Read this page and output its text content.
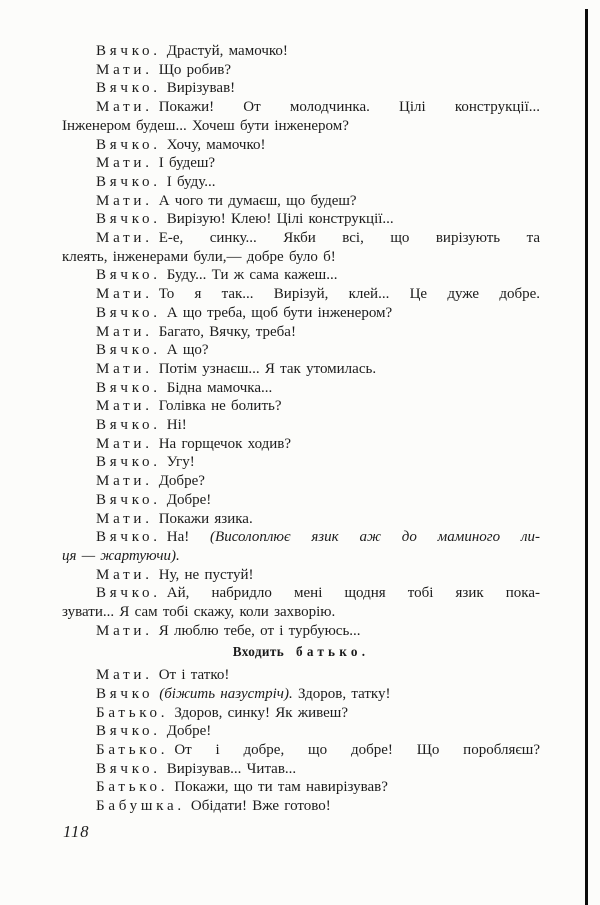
Вячко. Драстуй, мамочко!
Мати. Що робив?
Вячко. Вирізував!
Мати. Покажи! От молодчинка. Цілі конструкції...
Інженером будеш... Хочеш бути інженером?
Вячко. Хочу, мамочко!
Мати. І будеш?
Вячко. І буду...
Мати. А чого ти думаєш, що будеш?
Вячко. Вирізую! Клею! Цілі конструкції...
Мати. Е-е, синку... Якби всі, що вирізують та
клеять, інженерами були,— добре було б!
Вячко. Буду... Ти ж сама кажеш...
Мати. То я так... Вирізуй, клей... Це дуже добре.
Вячко. А що треба, щоб бути інженером?
Мати. Багато, Вячку, треба!
Вячко. А що?
Мати. Потім узнаєш... Я так утомилась.
Вячко. Бідна мамочка...
Мати. Голівка не болить?
Вячко. Ні!
Мати. На горщечок ходив?
Вячко. Угу!
Мати. Добре?
Вячко. Добре!
Мати. Покажи язика.
Вячко. На! (Висолоплює язик аж до маминого ли-
ця — жартуючи).
Мати. Ну, не пустуй!
Вячко. Ай, набридло мені щодня тобі язик пока-
зувати... Я сам тобі скажу, коли захворію.
Мати. Я люблю тебе, от і турбуюсь...
Входить батько.
Мати. От і татко!
Вячко (біжить назустріч). Здоров, татку!
Батько. Здоров, синку! Як живеш?
Вячко. Добре!
Батько. От і добре, що добре! Що поробляєш?
Вячко. Вирізував... Читав...
Батько. Покажи, що ти там навирізував?
Бабушка. Обідати! Вже готово!
118
